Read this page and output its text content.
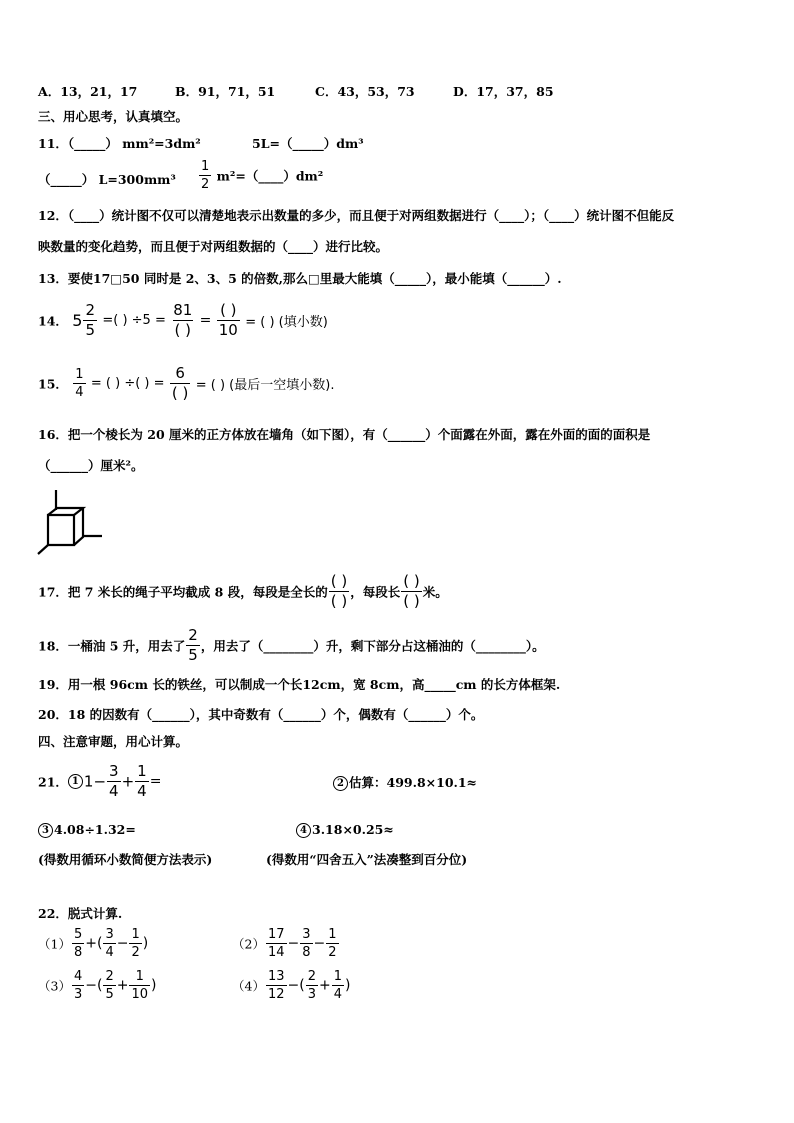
A．13，21，17	B．91，71，51	C．43，53，73	D．17，37，85
三、用心思考，认真填空。
11．（_____） mm²=3dm²	5L=（_____）dm³
（_____） $L=300mm^3 \frac{1}{2}$ m²=（____）dm²
12．（____）统计图不仅可以清楚地表示出数量的多少，而且便于对两组数据进行（____）；（____）统计图不但能反
映数量的变化趋势，而且便于对两组数据的（____）进行比较。
13．要使17□50 同时是 2、3、5 的倍数,那么□里最大能填（_____），最小能填（______）.
14． $5 \frac{2}{5}$ =( ) $\div 5 = \frac{81}{( )} = \frac{( )}{10}$ = ( ) (填小数)
15． $\frac{1}{4}$ = ( ) ÷( ) = $\frac{6}{( )}$ = ( ) (最后一空填小数).
16．把一个棱长为 20 厘米的正方体放在墙角（如下图），有（______）个面露在外面，露在外面的面的面积是
（______）厘米²。
17．把 7 米长的绳子平均截成 8 段，每段是全长的 $\frac{( )}{( )}$ ，每段长 $\frac{( )}{( )}$ 米。
18．一桶油 5 升，用去了 $\frac{2}{5}$ ，用去了（________）升，剩下部分占这桶油的（________）。
19．用一根 96cm 长的铁丝，可以制成一个长12cm，宽 8cm，高_____cm 的长方体框架.
20．18 的因数有（______），其中奇数有（______）个，偶数有（______）个。
四、注意审题，用心计算。
21． 1 $1- \frac{3}{4} + \frac{1}{4}$ =	2 估算：499.8×10.1≈
3 4.08÷1.32=	4 3.18×0.25≈
(得数用循环小数简便方法表示)	(得数用“四舍五入”法凑整到百分位)
22．脱式计算.
$(1) \frac{5}{8}$ +( $\frac{3}{4} - \frac{1}{2}$ )	$(2) \frac{17}{14} - \frac{3}{8} - \frac{1}{2}$
$(3) \frac{4}{3}$ −( $\frac{2}{5} + \frac{1}{10}$ )	$(4) \frac{13}{12}$ −( $\frac{2}{3} + \frac{1}{4}$ )
